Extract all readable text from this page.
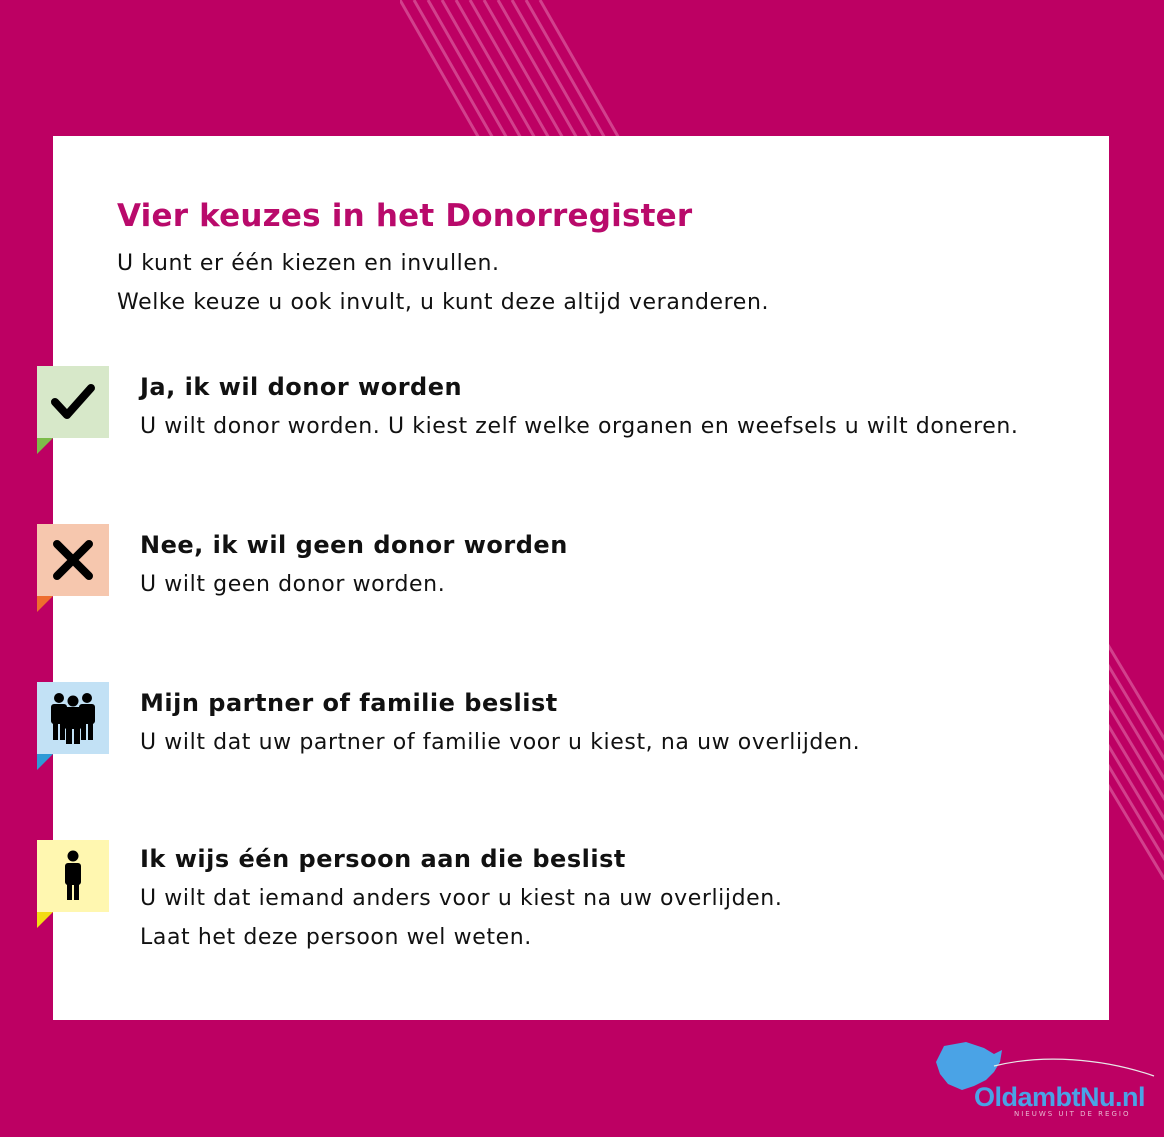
Vier keuzes in het Donorregister
U kunt er één kiezen en invullen.
Welke keuze u ook invult, u kunt deze altijd veranderen.
Ja, ik wil donor worden
U wilt donor worden. U kiest zelf welke organen en weefsels u wilt doneren.
Nee, ik wil geen donor worden
U wilt geen donor worden.
Mijn partner of familie beslist
U wilt dat uw partner of familie voor u kiest, na uw overlijden.
Ik wijs één persoon aan die beslist
U wilt dat iemand anders voor u kiest na uw overlijden.
Laat het deze persoon wel weten.
OldambtNu.nl
NIEUWS UIT DE REGIO
